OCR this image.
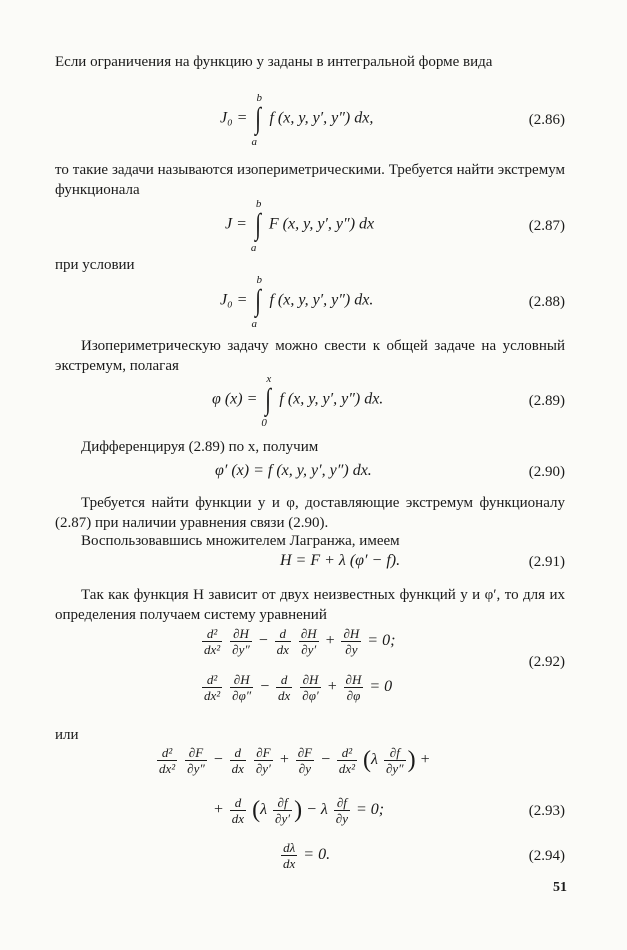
Если ограничения на функцию y заданы в интегральной форме вида
J₀ =
b
∫
a
f (x, y, y′, y″) dx,	(2.86)
то такие задачи называются изопериметрическими. Требуется найти экстремум функционала
J =
b
∫
a
F (x, y, y′, y″) dx	(2.87)
при условии
J₀ =
b
∫
a
f (x, y, y′, y″) dx.	(2.88)
Изопериметрическую задачу можно свести к общей задаче на условный экстремум, полагая
φ (x) =
x
∫
0
f (x, y, y′, y″) dx.	(2.89)
Дифференцируя (2.89) по x, получим
φ′ (x) = f (x, y, y′, y″) dx.	(2.90)
Требуется найти функции y и φ, доставляющие экстремум функционалу (2.87) при наличии уравнения связи (2.90).
Воспользовавшись множителем Лагранжа, имеем
H = F + λ (φ′ − f).	(2.91)
Так как функция H зависит от двух неизвестных функций y и φ′, то для их определения получаем систему уравнений
$\frac{\text{d²}}{\text{dx²}}$
$\frac{\partial H}{\partial y''} - \frac{d}{dx}$
$\frac{\partial H}{\partial y'} + \frac{\partial H}{\partial y} = 0$;
$\frac{\text{d²}}{\text{dx²}}$
$\frac{\partial H}{\partial\varphi''} - \frac{d}{dx}$
$\frac{\partial H}{\partial\varphi'} + \frac{\partial H}{\partial\varphi} = 0$
(2.92)
или
$\frac{\text{d²}}{\text{dx²}}$
$\frac{\partial F}{\partial y''} - \frac{d}{dx}$
$\frac{\partial F}{\partial y'} + \frac{\partial F}{\partial y} - \frac{\text{d²}}{\text{dx²}} (\lambda \frac{\partial f}{\partial y''}$ ) +
+ $\frac{d}{dx} (\lambda \frac{\partial f}{\partial y'}$ ) − λ $\frac{\partial f}{\partial y} = 0$;	(2.93)
$\frac{d\lambda}{dx} = 0$.	(2.94)
51
